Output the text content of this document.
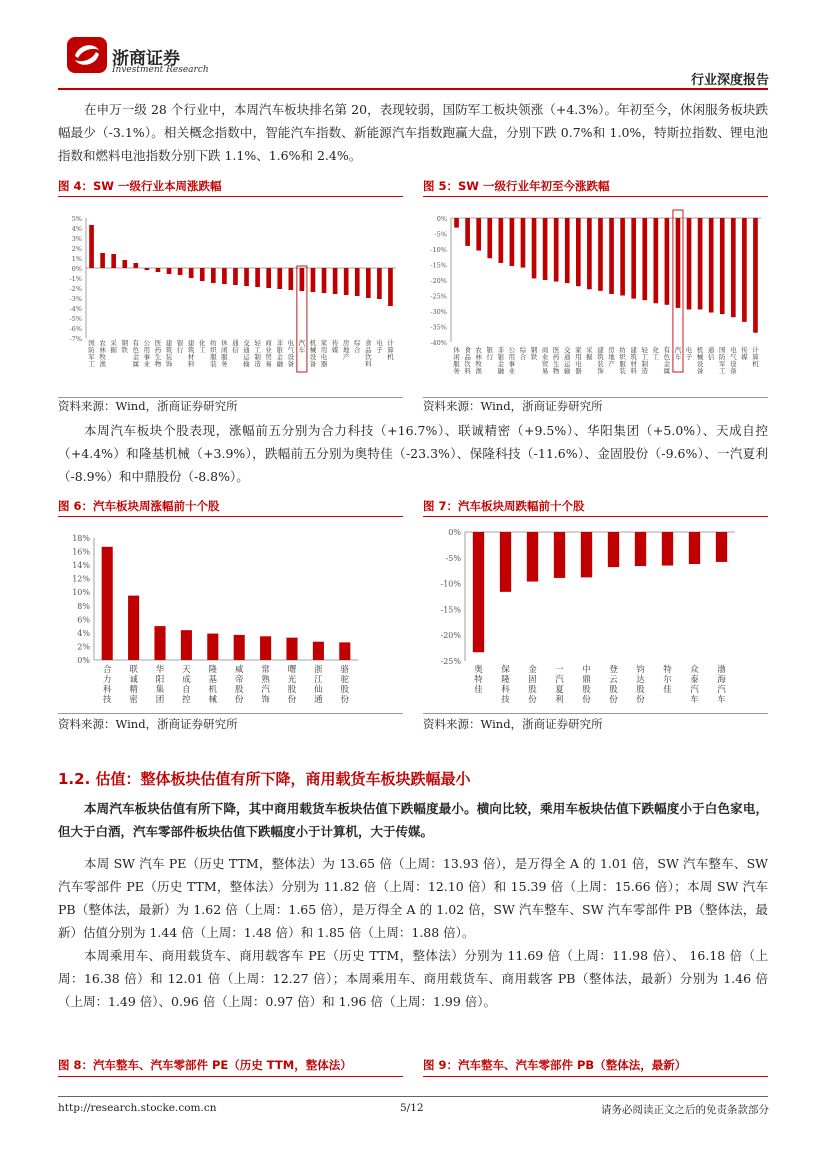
浙商证券
Investment Research
行业深度报告

在申万一级 28 个行业中，本周汽车板块排名第 20，表现较弱，国防军工板块领涨（+4.3%）。年初至今，休闲服务板块跌幅最少（-3.1%）。相关概念指数中，智能汽车指数、新能源汽车指数跑赢大盘，分别下跌 0.7%和 1.0%，特斯拉指数、锂电池指数和燃料电池指数分别下跌 1.1%、1.6%和 2.4%。

图 4：SW 一级行业本周涨跌幅
5%
4%
3%
2%
1%
0%
-1%
-2%
-3%
-4%
-5%
-6%
-7% 国
防
军
工
农
林
牧
渔
采
掘
钢
铁
有
色
金
属
公
用
事
业
医
药
生
物
建
筑
装
饰
银
行
建
筑
材
料
化
工
纺
织
服
装
休
闲
服
务
通
信
交
通
运
输
轻
工
制
造
商
业
贸
易
非
银
金
融
电
气
设
备
汽
车
机
械
设
备
家
用
电
器
传
媒
房
地
产
综
合
食
品
饮
料
电
子
计
算
机
资料来源：Wind，浙商证券研究所
图 5：SW 一级行业年初至今涨跌幅
0%
-5%
-10%
-15%
-20%
-25%
-30%
-35%
-40%
休
闲
服
务
食
品
饮
料
农
林
牧
渔
银
行
非
银
金
融
公
用
事
业
综
合
钢
铁
商
业
贸
易
医
药
生
物
交
通
运
输
家
用
电
器
采
掘
建
筑
装
饰
房
地
产
纺
织
服
装
建
筑
材
料
轻
工
制
造
化
工
有
色
金
属
汽
车
电
子
机
械
设
备
通
信
国
防
军
工
电
气
设
备
传
媒
计
算
机
资料来源：Wind，浙商证券研究所

本周汽车板块个股表现，涨幅前五分别为合力科技（+16.7%）、联诚精密（+9.5%）、华阳集团（+5.0%）、天成自控（+4.4%）和隆基机械（+3.9%），跌幅前五分别为奥特佳（-23.3%）、保隆科技（-11.6%）、金固股份（-9.6%）、一汽夏利（-8.9%）和中鼎股份（-8.8%）。

图 6：汽车板块周涨幅前十个股
18%
16%
14%
12%
10%
8%
6%
4%
2%
0%
合
力
科
技
联
诚
精
密
华
阳
集
团
天
成
自
控
隆
基
机
械
威
帝
股
份
常
熟
汽
饰
曙
光
股
份
浙
江
仙
通
骆
驼
股
份
资料来源：Wind，浙商证券研究所
图 7：汽车板块周跌幅前十个股
0%
-5%
-10%
-15%
-20%
-25%
奥
特
佳
保
隆
科
技
金
固
股
份
一
汽
夏
利
中
鼎
股
份
登
云
股
份
钧
达
股
份
特
尔
佳
众
泰
汽
车
渤
海
汽
车
资料来源：Wind，浙商证券研究所
1.2. 估值：整体板块估值有所下降，商用载货车板块跌幅最小

本周汽车板块估值有所下降，其中商用载货车板块估值下跌幅度最小。横向比较，乘用车板块估值下跌幅度小于白色家电，但大于白酒，汽车零部件板块估值下跌幅度小于计算机，大于传媒。

本周 SW 汽车 PE（历史 TTM，整体法）为 13.65 倍（上周：13.93 倍），是万得全 A 的 1.01 倍，SW 汽车整车、SW 汽车零部件 PE（历史 TTM，整体法）分别为 11.82 倍（上周：12.10 倍）和 15.39 倍（上周：15.66 倍）；本周 SW 汽车 PB（整体法，最新）为 1.62 倍（上周：1.65 倍），是万得全 A 的 1.02 倍，SW 汽车整车、SW 汽车零部件 PB（整体法，最新）估值分别为 1.44 倍（上周：1.48 倍）和 1.85 倍（上周：1.88 倍）。

本周乘用车、商用载货车、商用载客车 PE（历史 TTM，整体法）分别为 11.69 倍（上周：11.98 倍）、 16.18 倍（上周：16.38 倍）和 12.01 倍（上周：12.27 倍）；本周乘用车、商用载货车、商用载客 PB（整体法，最新）分别为 1.46 倍（上周：1.49 倍）、0.96 倍（上周：0.97 倍）和 1.96 倍（上周：1.99 倍）。

图 8：汽车整车、汽车零部件 PE（历史 TTM，整体法）	图 9：汽车整车、汽车零部件 PB（整体法，最新）
http://research.stocke.com.cn	5/12	请务必阅读正文之后的免责条款部分
